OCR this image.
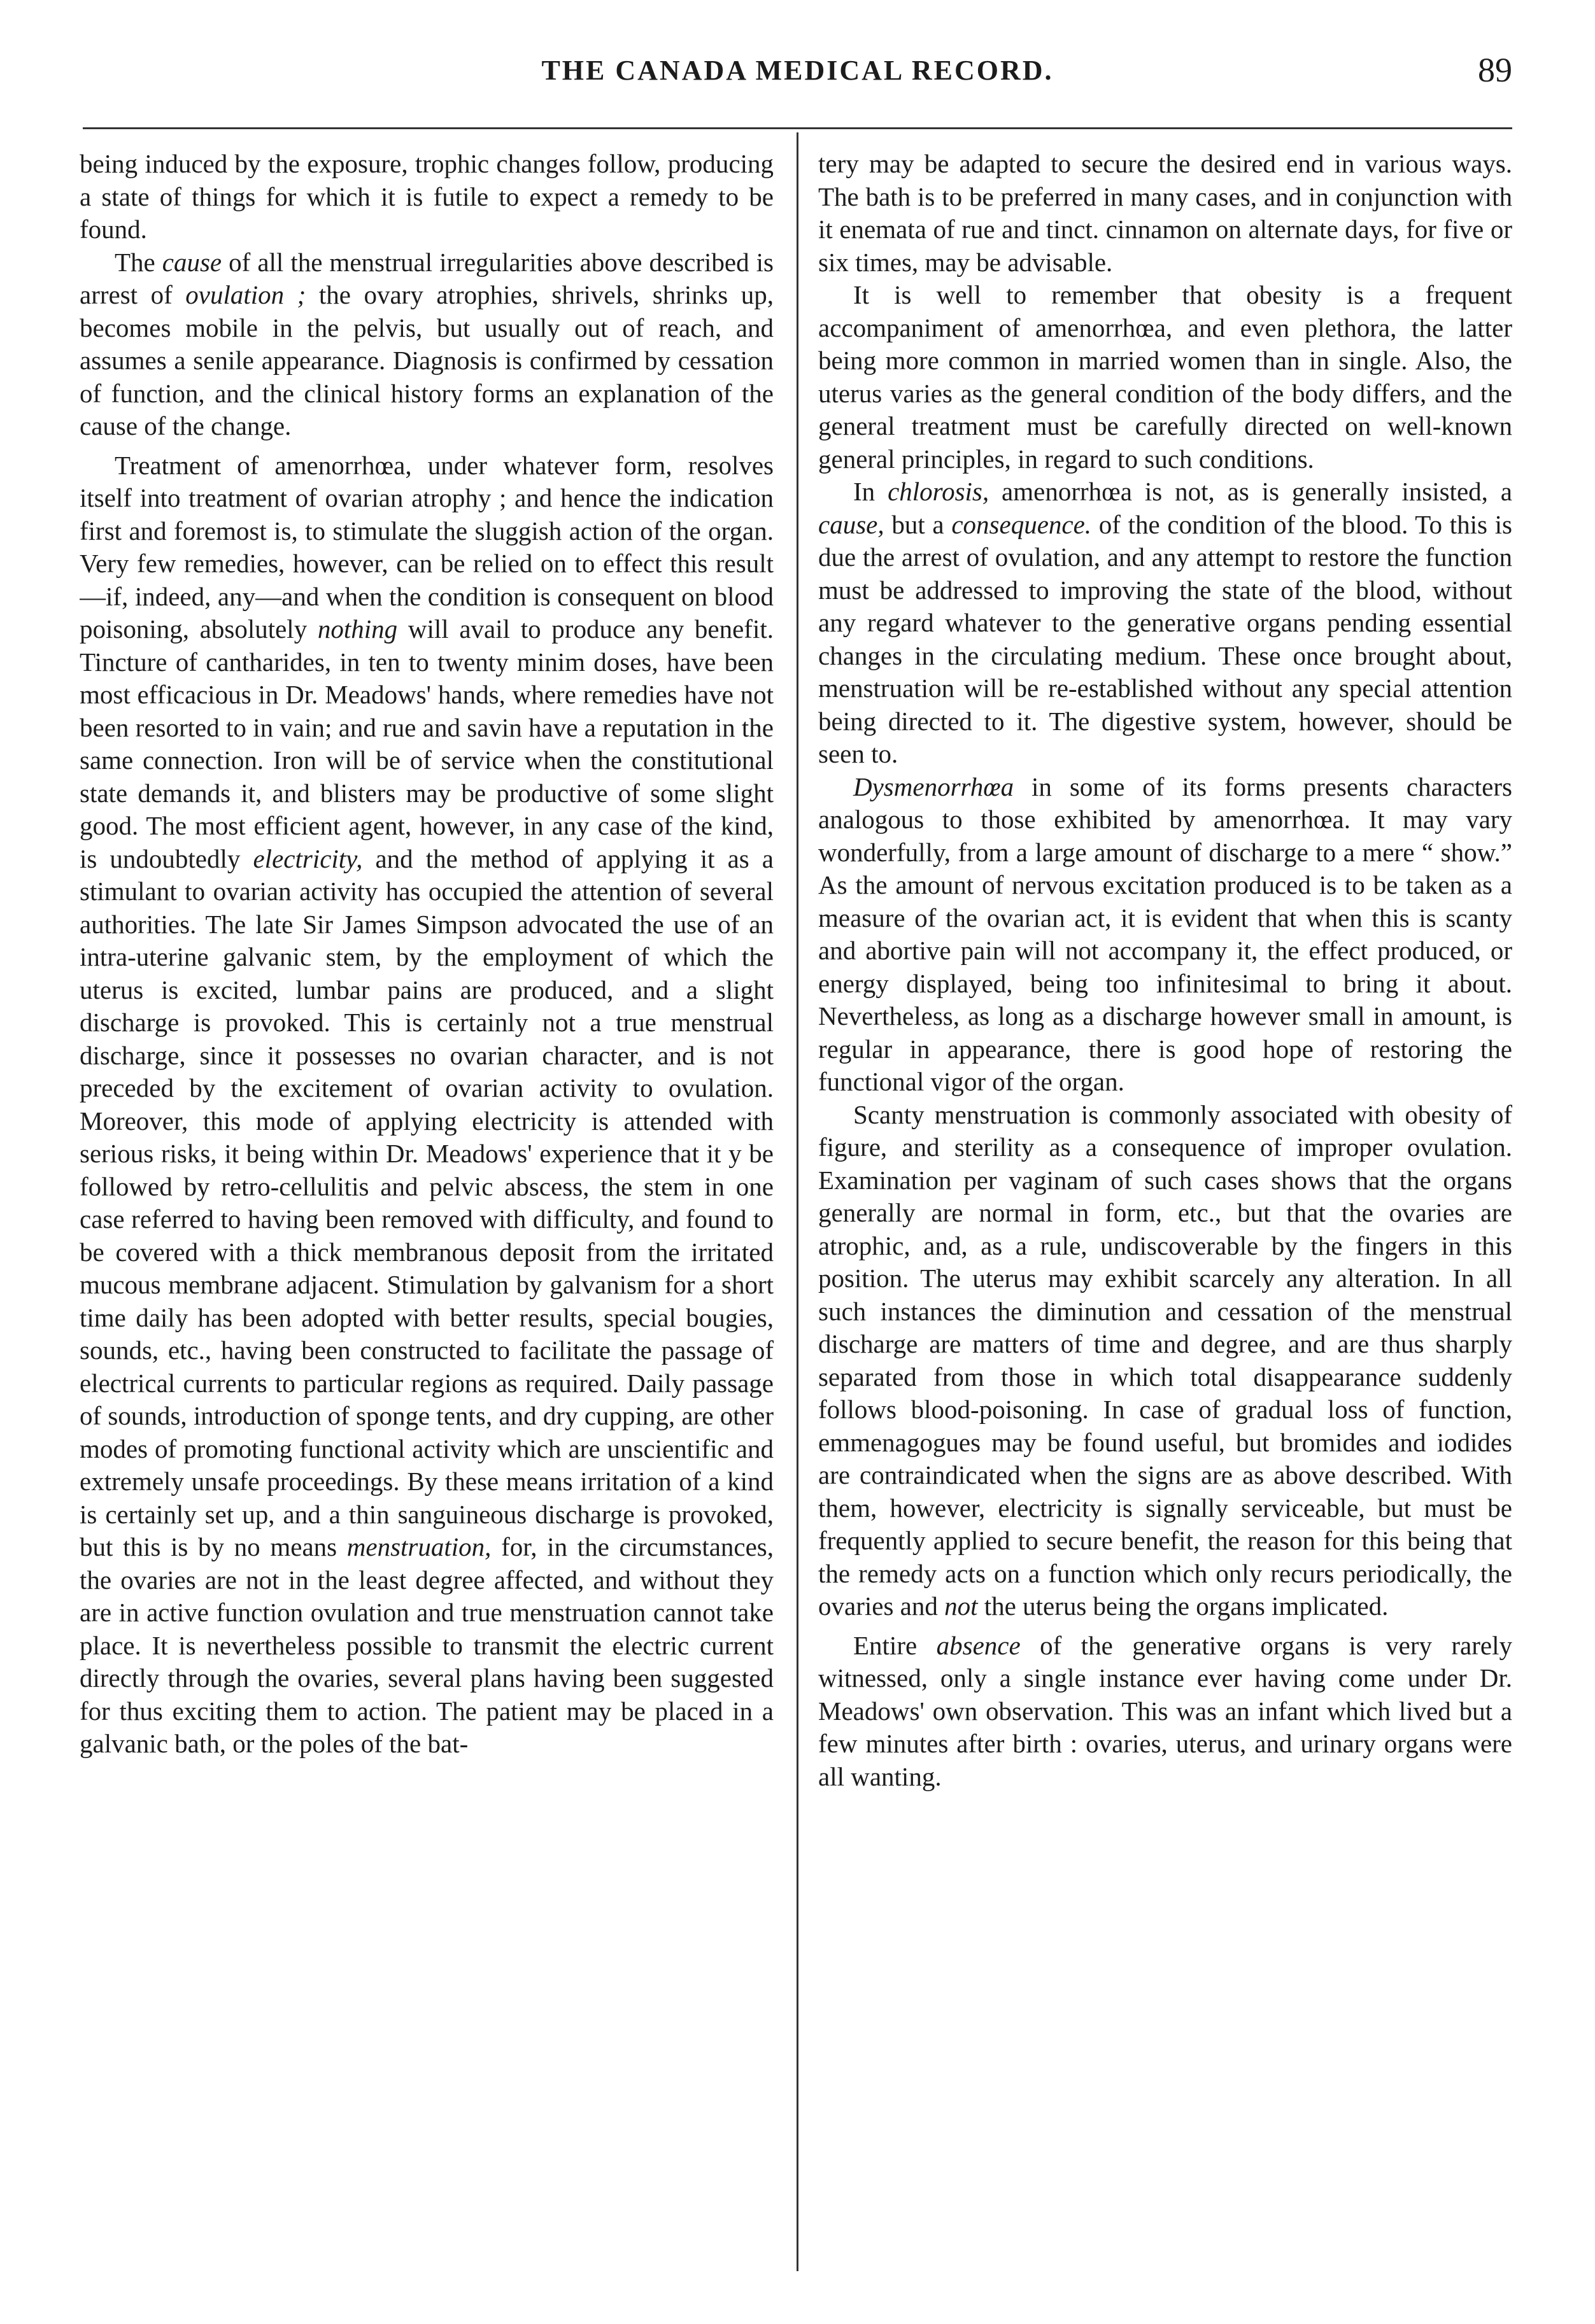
THE CANADA MEDICAL RECORD.	89

being induced by the exposure, trophic changes follow, producing a state of things for which it is futile to expect a remedy to be found.

The cause of all the menstrual irregularities above described is arrest of ovulation ; the ovary atrophies, shrivels, shrinks up, becomes mobile in the pelvis, but usually out of reach, and assumes a senile appearance. Diagnosis is confirmed by cessation of function, and the clinical history forms an explanation of the cause of the change.

Treatment of amenorrhœa, under whatever form, resolves itself into treatment of ovarian atrophy ; and hence the indication first and foremost is, to stimulate the sluggish action of the organ. Very few remedies, however, can be relied on to effect this result—if, indeed, any—and when the condition is consequent on blood poisoning, absolutely nothing will avail to produce any benefit. Tincture of cantharides, in ten to twenty minim doses, have been most efficacious in Dr. Meadows' hands, where remedies have not been resorted to in vain; and rue and savin have a reputation in the same connection. Iron will be of service when the constitutional state demands it, and blisters may be productive of some slight good. The most efficient agent, however, in any case of the kind, is undoubtedly electricity, and the method of applying it as a stimulant to ovarian activity has occupied the attention of several authorities. The late Sir James Simpson advocated the use of an intra-uterine galvanic stem, by the employment of which the uterus is excited, lumbar pains are produced, and a slight discharge is provoked. This is certainly not a true menstrual discharge, since it possesses no ovarian character, and is not preceded by the excitement of ovarian activity to ovulation. Moreover, this mode of applying electricity is attended with serious risks, it being within Dr. Meadows' experience that it y be followed by retro-cellulitis and pelvic abscess, the stem in one case referred to having been removed with difficulty, and found to be covered with a thick membranous deposit from the irritated mucous membrane adjacent. Stimulation by galvanism for a short time daily has been adopted with better results, special bougies, sounds, etc., having been constructed to facilitate the passage of electrical currents to particular regions as required. Daily passage of sounds, introduction of sponge tents, and dry cupping, are other modes of promoting functional activity which are unscientific and extremely unsafe proceedings. By these means irritation of a kind is certainly set up, and a thin sanguineous discharge is provoked, but this is by no means menstruation, for, in the circumstances, the ovaries are not in the least degree affected, and without they are in active function ovulation and true menstruation cannot take place. It is nevertheless possible to transmit the electric current directly through the ovaries, several plans having been suggested for thus exciting them to action. The patient may be placed in a galvanic bath, or the poles of the bat-

tery may be adapted to secure the desired end in various ways. The bath is to be preferred in many cases, and in conjunction with it enemata of rue and tinct. cinnamon on alternate days, for five or six times, may be advisable.

It is well to remember that obesity is a frequent accompaniment of amenorrhœa, and even plethora, the latter being more common in married women than in single. Also, the uterus varies as the general condition of the body differs, and the general treatment must be carefully directed on well-known general principles, in regard to such conditions.

In chlorosis, amenorrhœa is not, as is generally insisted, a cause, but a consequence. of the condition of the blood. To this is due the arrest of ovulation, and any attempt to restore the function must be addressed to improving the state of the blood, without any regard whatever to the generative organs pending essential changes in the circulating medium. These once brought about, menstruation will be re-established without any special attention being directed to it. The digestive system, however, should be seen to.

Dysmenorrhœa in some of its forms presents characters analogous to those exhibited by amenorrhœa. It may vary wonderfully, from a large amount of discharge to a mere “ show.” As the amount of nervous excitation produced is to be taken as a measure of the ovarian act, it is evident that when this is scanty and abortive pain will not accompany it, the effect produced, or energy displayed, being too infinitesimal to bring it about. Nevertheless, as long as a discharge however small in amount, is regular in appearance, there is good hope of restoring the functional vigor of the organ.

Scanty menstruation is commonly associated with obesity of figure, and sterility as a consequence of improper ovulation. Examination per vaginam of such cases shows that the organs generally are normal in form, etc., but that the ovaries are atrophic, and, as a rule, undiscoverable by the fingers in this position. The uterus may exhibit scarcely any alteration. In all such instances the diminution and cessation of the menstrual discharge are matters of time and degree, and are thus sharply separated from those in which total disappearance suddenly follows blood-poisoning. In case of gradual loss of function, emmenagogues may be found useful, but bromides and iodides are contraindicated when the signs are as above described. With them, however, electricity is signally serviceable, but must be frequently applied to secure benefit, the reason for this being that the remedy acts on a function which only recurs periodically, the ovaries and not the uterus being the organs implicated.

Entire absence of the generative organs is very rarely witnessed, only a single instance ever having come under Dr. Meadows' own observation. This was an infant which lived but a few minutes after birth : ovaries, uterus, and urinary organs were all wanting.
